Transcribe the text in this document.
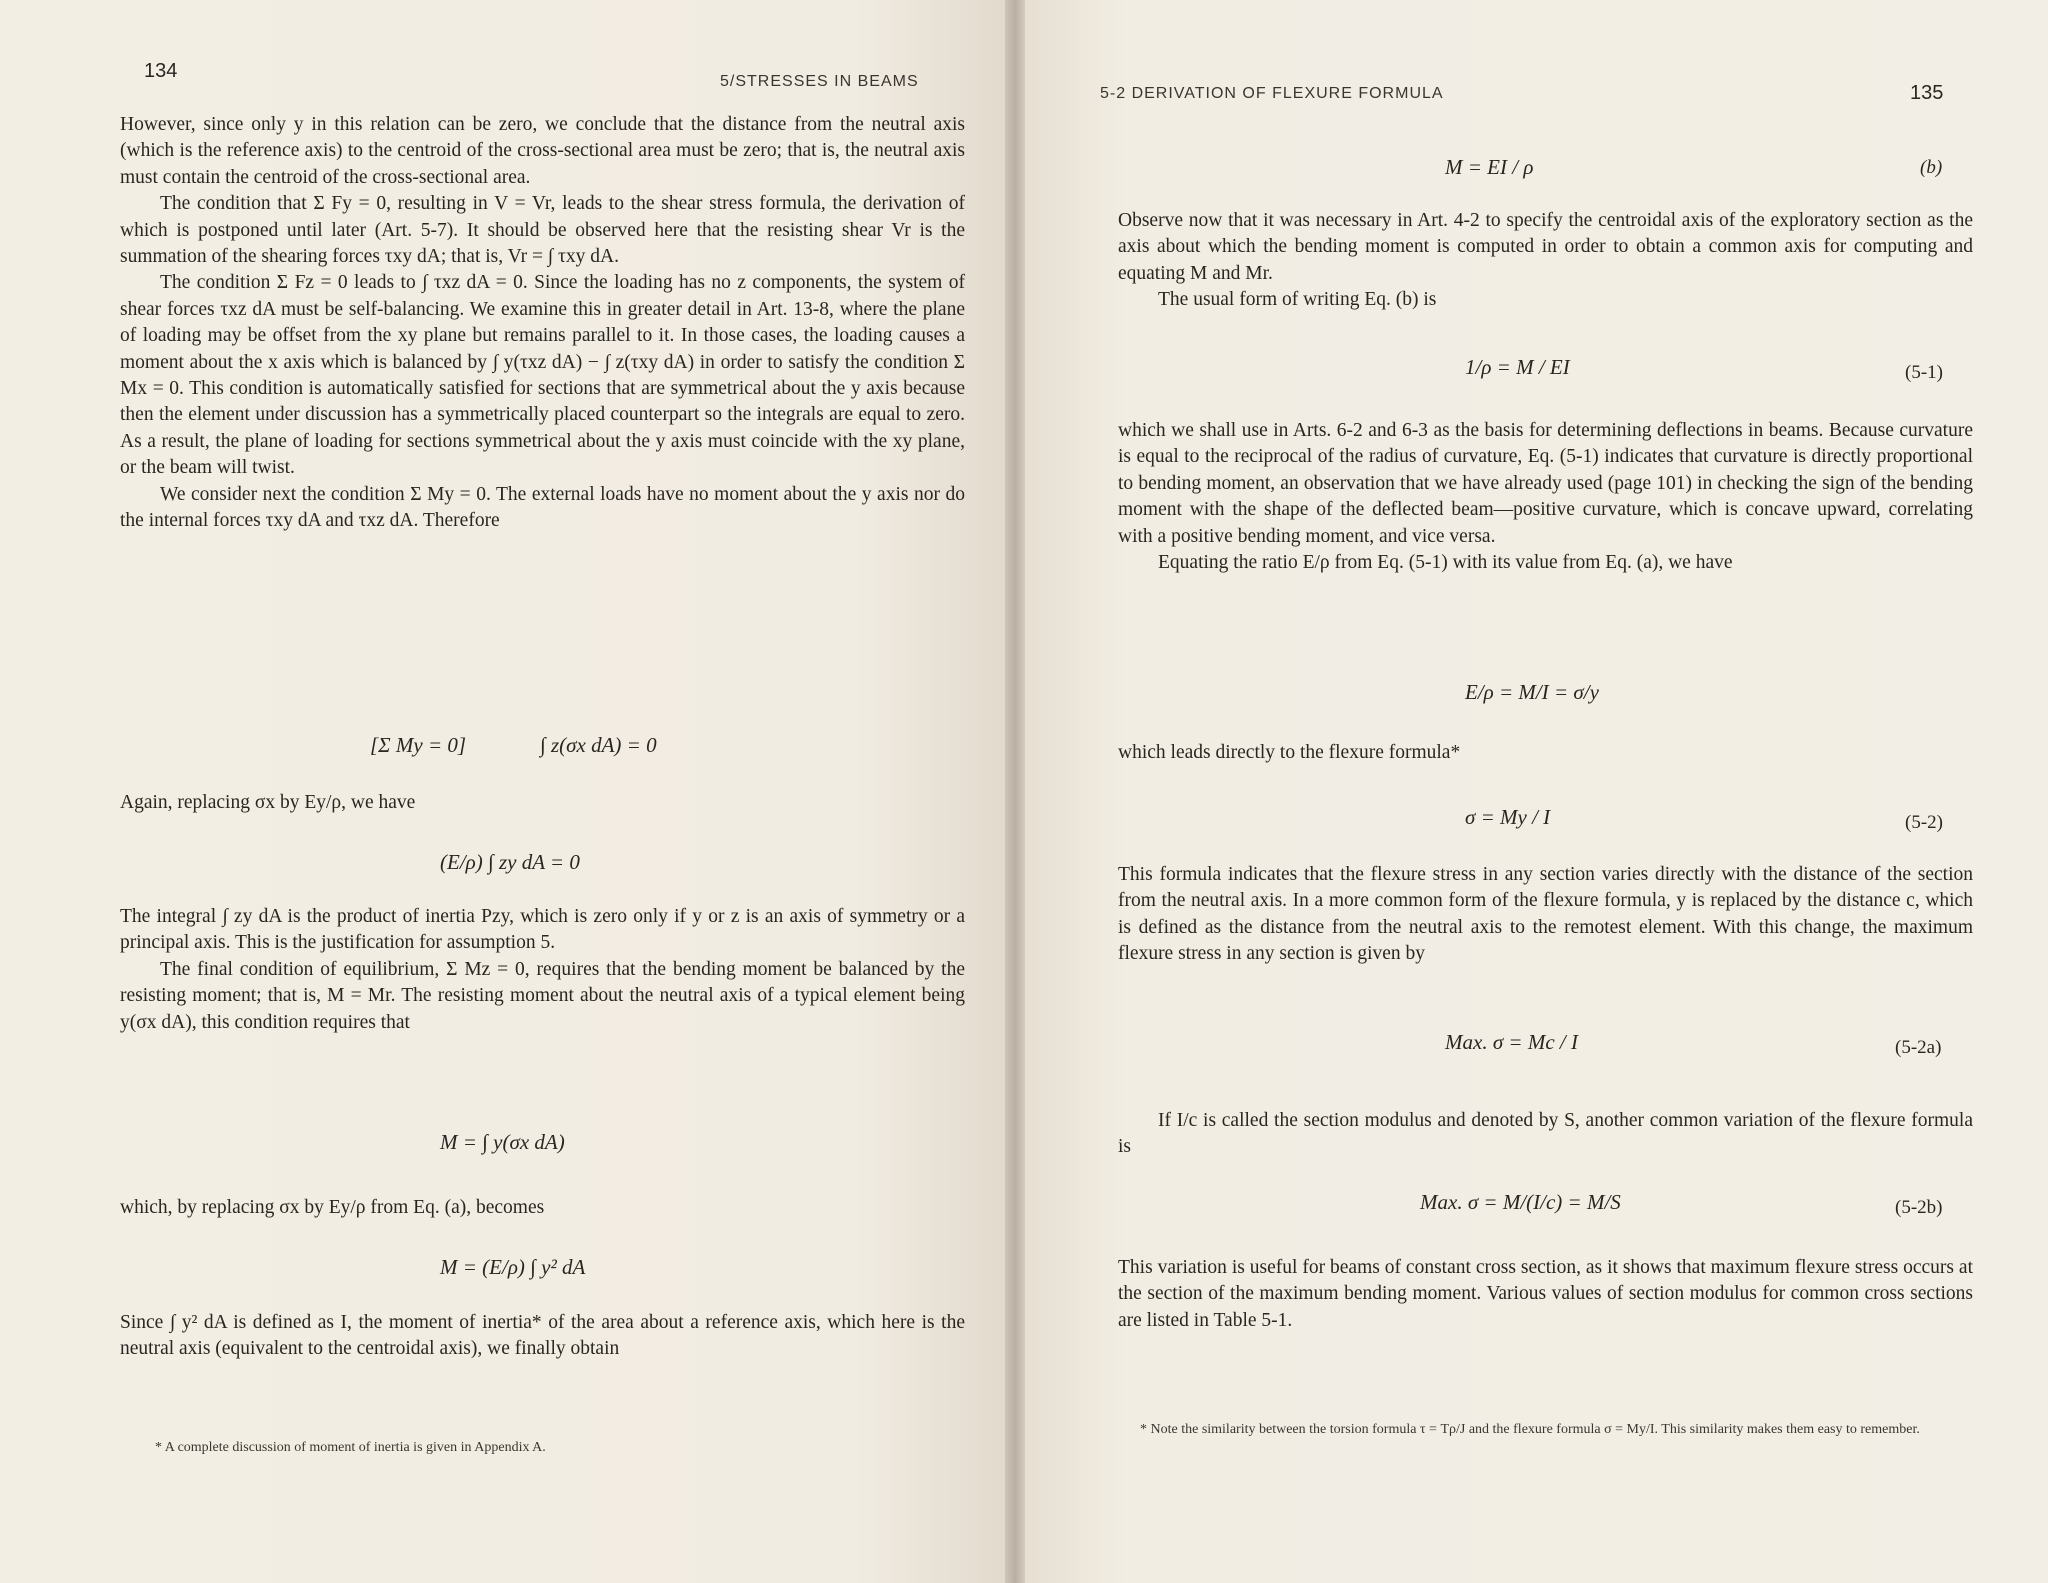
134	5/STRESSES IN BEAMS

However, since only y in this relation can be zero, we conclude that the distance from the neutral axis (which is the reference axis) to the centroid of the cross-sectional area must be zero; that is, the neutral axis must contain the centroid of the cross-sectional area.

The condition that Σ Fy = 0, resulting in V = Vr, leads to the shear stress formula, the derivation of which is postponed until later (Art. 5-7). It should be observed here that the resisting shear Vr is the summation of the shearing forces τxy dA; that is, Vr = ∫ τxy dA.

The condition Σ Fz = 0 leads to ∫ τxz dA = 0. Since the loading has no z components, the system of shear forces τxz dA must be self-balancing. We examine this in greater detail in Art. 13-8, where the plane of loading may be offset from the xy plane but remains parallel to it. In those cases, the loading causes a moment about the x axis which is balanced by ∫ y(τxz dA) − ∫ z(τxy dA) in order to satisfy the condition Σ Mx = 0. This condition is automatically satisfied for sections that are symmetrical about the y axis because then the element under discussion has a symmetrically placed counterpart so the integrals are equal to zero. As a result, the plane of loading for sections symmetrical about the y axis must coincide with the xy plane, or the beam will twist.

We consider next the condition Σ My = 0. The external loads have no moment about the y axis nor do the internal forces τxy dA and τxz dA. Therefore

[Σ My = 0]	∫ z(σx dA) = 0

Again, replacing σx by Ey/ρ, we have

(E/ρ) ∫ zy dA = 0

The integral ∫ zy dA is the product of inertia Pzy, which is zero only if y or z is an axis of symmetry or a principal axis. This is the justification for assumption 5.

The final condition of equilibrium, Σ Mz = 0, requires that the bending moment be balanced by the resisting moment; that is, M = Mr. The resisting moment about the neutral axis of a typical element being y(σx dA), this condition requires that

M = ∫ y(σx dA)

which, by replacing σx by Ey/ρ from Eq. (a), becomes

M = (E/ρ) ∫ y² dA

Since ∫ y² dA is defined as I, the moment of inertia* of the area about a reference axis, which here is the neutral axis (equivalent to the centroidal axis), we finally obtain

* A complete discussion of moment of inertia is given in Appendix A.
5-2 DERIVATION OF FLEXURE FORMULA	135
M = EI / ρ	(b)

Observe now that it was necessary in Art. 4-2 to specify the centroidal axis of the exploratory section as the axis about which the bending moment is computed in order to obtain a common axis for computing and equating M and Mr.

The usual form of writing Eq. (b) is

1/ρ = M / EI	(5-1)

which we shall use in Arts. 6-2 and 6-3 as the basis for determining deflections in beams. Because curvature is equal to the reciprocal of the radius of curvature, Eq. (5-1) indicates that curvature is directly proportional to bending moment, an observation that we have already used (page 101) in checking the sign of the bending moment with the shape of the deflected beam—positive curvature, which is concave upward, correlating with a positive bending moment, and vice versa.

Equating the ratio E/ρ from Eq. (5-1) with its value from Eq. (a), we have

E/ρ = M/I = σ/y

which leads directly to the flexure formula*

σ = My / I	(5-2)

This formula indicates that the flexure stress in any section varies directly with the distance of the section from the neutral axis. In a more common form of the flexure formula, y is replaced by the distance c, which is defined as the distance from the neutral axis to the remotest element. With this change, the maximum flexure stress in any section is given by

Max. σ = Mc / I	(5-2a)

If I/c is called the section modulus and denoted by S, another common variation of the flexure formula is

Max. σ = M/(I/c) = M/S	(5-2b)

This variation is useful for beams of constant cross section, as it shows that maximum flexure stress occurs at the section of the maximum bending moment. Various values of section modulus for common cross sections are listed in Table 5-1.

* Note the similarity between the torsion formula τ = Tρ/J and the flexure formula σ = My/I. This similarity makes them easy to remember.
